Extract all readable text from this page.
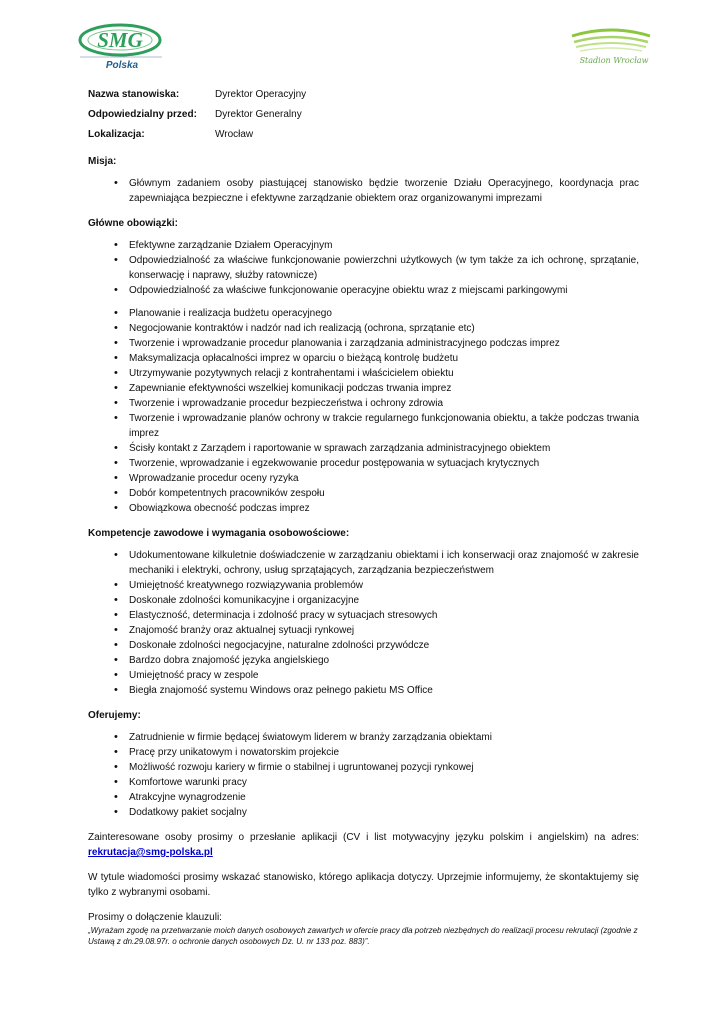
SMG
Polska	Stadion Wrocław
Nazwa stanowiska:	Dyrektor Operacyjny
Odpowiedzialny przed:	Dyrektor Generalny
Lokalizacja:	Wrocław
Misja:
• Głównym zadaniem osoby piastującej stanowisko będzie tworzenie Działu Operacyjnego, koordynacja prac zapewniająca bezpieczne i efektywne zarządzanie obiektem oraz organizowanymi imprezami
Główne obowiązki:
• Efektywne zarządzanie Działem Operacyjnym
• Odpowiedzialność za właściwe funkcjonowanie powierzchni użytkowych (w tym także za ich ochronę, sprzątanie, konserwację i naprawy, służby ratownicze)
• Odpowiedzialność za właściwe funkcjonowanie operacyjne obiektu wraz z miejscami parkingowymi
• Planowanie i realizacja budżetu operacyjnego
• Negocjowanie kontraktów i nadzór nad ich realizacją (ochrona, sprzątanie etc)
• Tworzenie i wprowadzanie procedur planowania i zarządzania administracyjnego podczas imprez
• Maksymalizacja opłacalności imprez w oparciu o bieżącą kontrolę budżetu
• Utrzymywanie pozytywnych relacji z kontrahentami i właścicielem obiektu
• Zapewnianie efektywności wszelkiej komunikacji podczas trwania imprez
• Tworzenie i wprowadzanie procedur bezpieczeństwa i ochrony zdrowia
• Tworzenie i wprowadzanie planów ochrony w trakcie regularnego funkcjonowania obiektu, a także podczas trwania imprez
• Ścisły kontakt z Zarządem i raportowanie w sprawach zarządzania administracyjnego obiektem
• Tworzenie, wprowadzanie i egzekwowanie procedur postępowania w sytuacjach krytycznych
• Wprowadzanie procedur oceny ryzyka
• Dobór kompetentnych pracowników zespołu
• Obowiązkowa obecność podczas imprez
Kompetencje zawodowe i wymagania osobowościowe:
• Udokumentowane kilkuletnie doświadczenie w zarządzaniu obiektami i ich konserwacji oraz znajomość w zakresie mechaniki i elektryki, ochrony, usług sprzątających, zarządzania bezpieczeństwem
• Umiejętność kreatywnego rozwiązywania problemów
• Doskonałe zdolności komunikacyjne i organizacyjne
• Elastyczność, determinacja i zdolność pracy w sytuacjach stresowych
• Znajomość branży oraz aktualnej sytuacji rynkowej
• Doskonałe zdolności negocjacyjne, naturalne zdolności przywódcze
• Bardzo dobra znajomość języka angielskiego
• Umiejętność pracy w zespole
• Biegła znajomość systemu Windows oraz pełnego pakietu MS Office
Oferujemy:
• Zatrudnienie w firmie będącej światowym liderem w branży zarządzania obiektami
• Pracę przy unikatowym i nowatorskim projekcie
• Możliwość rozwoju kariery w firmie o stabilnej i ugruntowanej pozycji rynkowej
• Komfortowe warunki pracy
• Atrakcyjne wynagrodzenie
• Dodatkowy pakiet socjalny
Zainteresowane osoby prosimy o przesłanie aplikacji (CV i list motywacyjny języku polskim i angielskim) na adres: rekrutacja@smg-polska.pl
W tytule wiadomości prosimy wskazać stanowisko, którego aplikacja dotyczy. Uprzejmie informujemy, że skontaktujemy się tylko z wybranymi osobami.
Prosimy o dołączenie klauzuli:
„Wyrażam zgodę na przetwarzanie moich danych osobowych zawartych w ofercie pracy dla potrzeb niezbędnych do realizacji procesu rekrutacji (zgodnie z Ustawą z dn.29.08.97r. o ochronie danych osobowych Dz. U. nr 133 poz. 883)”.
